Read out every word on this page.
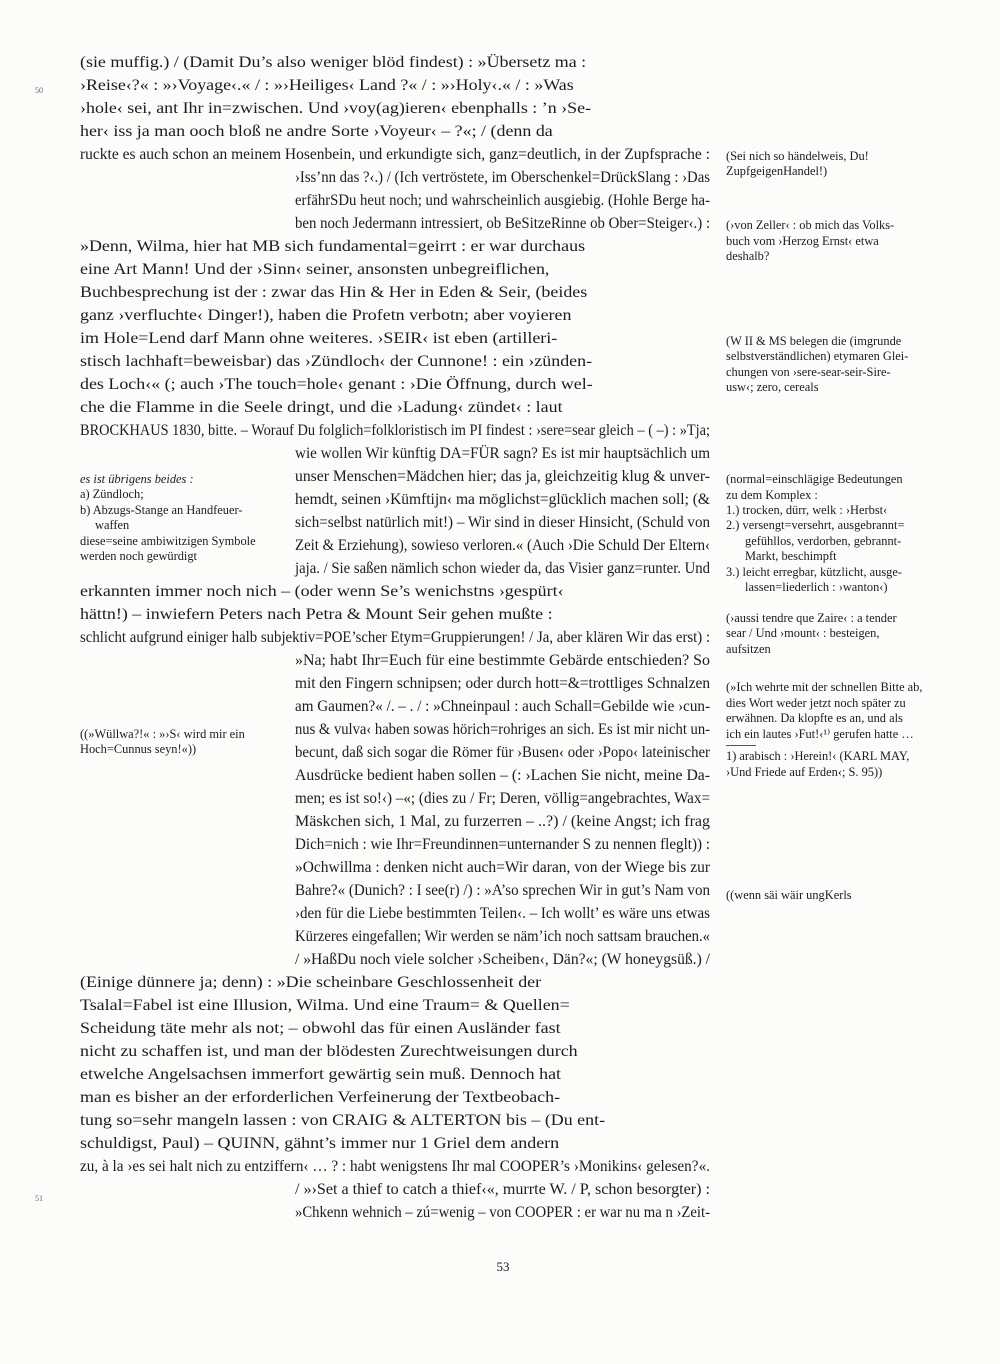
50
51
(sie muffig.) / (Damit Du’s also weniger blöd findest) : »Übersetz ma :
›Reise‹?« : »›Voyage‹.« / : »›Heiliges‹ Land ?« / : »›Holy‹.« / : »Was
›hole‹ sei, ant Ihr in=zwischen. Und ›voy(ag)ieren‹ ebenphalls : ’n ›Se-
her‹ iss ja man ooch bloß ne andre Sorte ›Voyeur‹ – ?«; / (denn da
ruckte es auch schon an meinem Hosenbein, und erkundigte sich, ganz=deutlich, in der Zupfsprache :
›Iss’nn das ?‹.) / (Ich vertröstete, im Oberschenkel=DrückSlang : ›Das
erfährSDu heut noch; und wahrscheinlich ausgiebig. (Hohle Berge ha-
ben noch Jedermann intressiert, ob BeSitzeRinne ob Ober=Steiger‹.) :
»Denn, Wilma, hier hat MB sich fundamental=geirrt : er war durchaus
eine Art Mann! Und der ›Sinn‹ seiner, ansonsten unbegreiflichen,
Buchbesprechung ist der : zwar das Hin & Her in Eden & Seir, (beides
ganz ›verfluchte‹ Dinger!), haben die Profetn verbotn; aber voyieren
im Hole=Lend darf Mann ohne weiteres. ›SEIR‹ ist eben (artilleri-
stisch lachhaft=beweisbar) das ›Zündloch‹ der Cunnone! : ein ›zünden-
des Loch‹« (; auch ›The touch=hole‹ genant : ›Die Öffnung, durch wel-
che die Flamme in die Seele dringt, und die ›Ladung‹ zündet‹ : laut
BROCKHAUS 1830, bitte. – Worauf Du folglich=folkloristisch im PI findest : ›sere=sear gleich – ( –) : »Tja;
wie wollen Wir künftig DA=FÜR sagn? Es ist mir hauptsächlich um
unser Menschen=Mädchen hier; das ja, gleichzeitig klug & unver-
hemdt, seinen ›Kümftijn‹ ma möglichst=glücklich machen soll; (&
sich=selbst natürlich mit!) – Wir sind in dieser Hinsicht, (Schuld von
Zeit & Erziehung), sowieso verloren.« (Auch ›Die Schuld Der Eltern‹
jaja. / Sie saßen nämlich schon wieder da, das Visier ganz=runter. Und
erkannten immer noch nich – (oder wenn Se’s wenichstns ›gespürt‹
hättn!) – inwiefern Peters nach Petra & Mount Seir gehen mußte :
schlicht aufgrund einiger halb subjektiv=POE’scher Etym=Gruppierungen! / Ja, aber klären Wir das erst) :
»Na; habt Ihr=Euch für eine bestimmte Gebärde entschieden? So
mit den Fingern schnipsen; oder durch hott=&=trottliges Schnalzen
am Gaumen?« /. – . / : »Chneinpaul : auch Schall=Gebilde wie ›cun-
nus & vulva‹ haben sowas hörich=rohriges an sich. Es ist mir nicht un-
becunt, daß sich sogar die Römer für ›Busen‹ oder ›Popo‹ lateinischer
Ausdrücke bedient haben sollen – (: ›Lachen Sie nicht, meine Da-
men; es ist so!‹) –«; (dies zu / Fr; Deren, völlig=angebrachtes, Wax=
Mäskchen sich, 1 Mal, zu furzerren – ..?) / (keine Angst; ich frag
Dich=nich : wie Ihr=Freundinnen=unternander S zu nennen fleglt)) :
»Ochwillma : denken nicht auch=Wir daran, von der Wiege bis zur
Bahre?« (Dunich? : I see(r) /) : »A’so sprechen Wir in gut’s Nam von
›den für die Liebe bestimmten Teilen‹. – Ich wollt’ es wäre uns etwas
Kürzeres eingefallen; Wir werden se näm’ich noch sattsam brauchen.«
/ »HaßDu noch viele solcher ›Scheiben‹, Dän?«; (W honeygsüß.) /
(Einige dünnere ja; denn) : »Die scheinbare Geschlossenheit der
Tsalal=Fabel ist eine Illusion, Wilma. Und eine Traum= & Quellen=
Scheidung täte mehr als not; – obwohl das für einen Ausländer fast
nicht zu schaffen ist, und man der blödesten Zurechtweisungen durch
etwelche Angelsachsen immerfort gewärtig sein muß. Dennoch hat
man es bisher an der erforderlichen Verfeinerung der Textbeobach-
tung so=sehr mangeln lassen : von CRAIG & ALTERTON bis – (Du ent-
schuldigst, Paul) – QUINN, gähnt’s immer nur 1 Griel dem andern
zu, à la ›es sei halt nich zu entziffern‹ … ? : habt wenigstens Ihr mal COOPER’s ›Monikins‹ gelesen?«.
/ »›Set a thief to catch a thief‹«, murrte W. / P, schon besorgter) :
»Chkenn wehnich – zú=wenig – von COOPER : er war nu ma n ›Zeit-
es ist übrigens beides :
a) Zündloch;
b) Abzugs-Stange an Handfeuer-
waffen
diese=seine ambiwitzigen Symbole
werden noch gewürdigt
((»Wüllwa?!« : »›S‹ wird mir ein
Hoch=Cunnus seyn!«))
(Sei nich so händelweis, Du!
ZupfgeigenHandel!)
(›von Zeller‹ : ob mich das Volks-
buch vom ›Herzog Ernst‹ etwa
deshalb?
(W II & MS belegen die (imgrunde
selbstverständlichen) etymaren Glei-
chungen von ›sere-sear-seir-Sire-
usw‹; zero, cereals
(normal=einschlägige Bedeutungen
zu dem Komplex :
1.) trocken, dürr, welk : ›Herbst‹
2.) versengt=versehrt, ausgebrannt=
gefühllos, verdorben, gebrannt-
Markt, beschimpft
3.) leicht erregbar, kützlicht, ausge-
lassen=liederlich : ›wanton‹)
(›aussi tendre que Zaire‹ : a tender
sear / Und ›mount‹ : besteigen,
aufsitzen
(»Ich wehrte mit der schnellen Bitte ab,
dies Wort weder jetzt noch später zu
erwähnen. Da klopfte es an, und als
ich ein lautes ›Fut!‹¹⁾ gerufen hatte …
1) arabisch : ›Herein!‹ (KARL MAY,
›Und Friede auf Erden‹; S. 95))
((wenn säi wäir ungKerls
53
